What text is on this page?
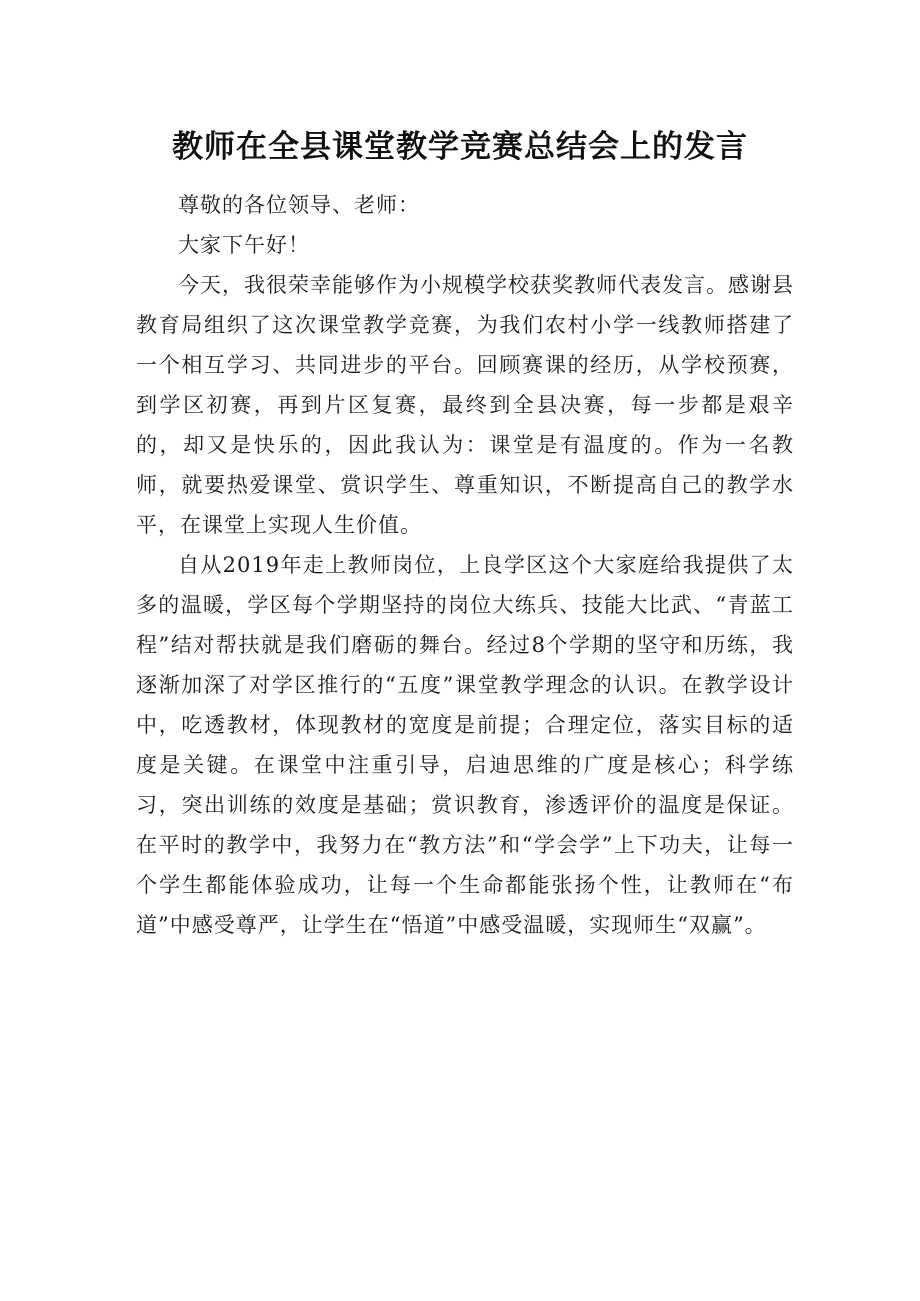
教师在全县课堂教学竞赛总结会上的发言

尊敬的各位领导、老师：

大家下午好！

今天，我很荣幸能够作为小规模学校获奖教师代表发言。感谢县教育局组织了这次课堂教学竞赛，为我们农村小学一线教师搭建了一个相互学习、共同进步的平台。回顾赛课的经历，从学校预赛，到学区初赛，再到片区复赛，最终到全县决赛，每一步都是艰辛的，却又是快乐的，因此我认为：课堂是有温度的。作为一名教师，就要热爱课堂、赏识学生、尊重知识，不断提高自己的教学水平，在课堂上实现人生价值。

自从2019年走上教师岗位，上良学区这个大家庭给我提供了太多的温暖，学区每个学期坚持的岗位大练兵、技能大比武、“青蓝工程”结对帮扶就是我们磨砺的舞台。经过8个学期的坚守和历练，我逐渐加深了对学区推行的“五度”课堂教学理念的认识。在教学设计中，吃透教材，体现教材的宽度是前提；合理定位，落实目标的适度是关键。在课堂中注重引导，启迪思维的广度是核心；科学练习，突出训练的效度是基础；赏识教育，渗透评价的温度是保证。在平时的教学中，我努力在“教方法”和“学会学”上下功夫，让每一个学生都能体验成功，让每一个生命都能张扬个性，让教师在“布道”中感受尊严，让学生在“悟道”中感受温暖，实现师生“双赢”。
